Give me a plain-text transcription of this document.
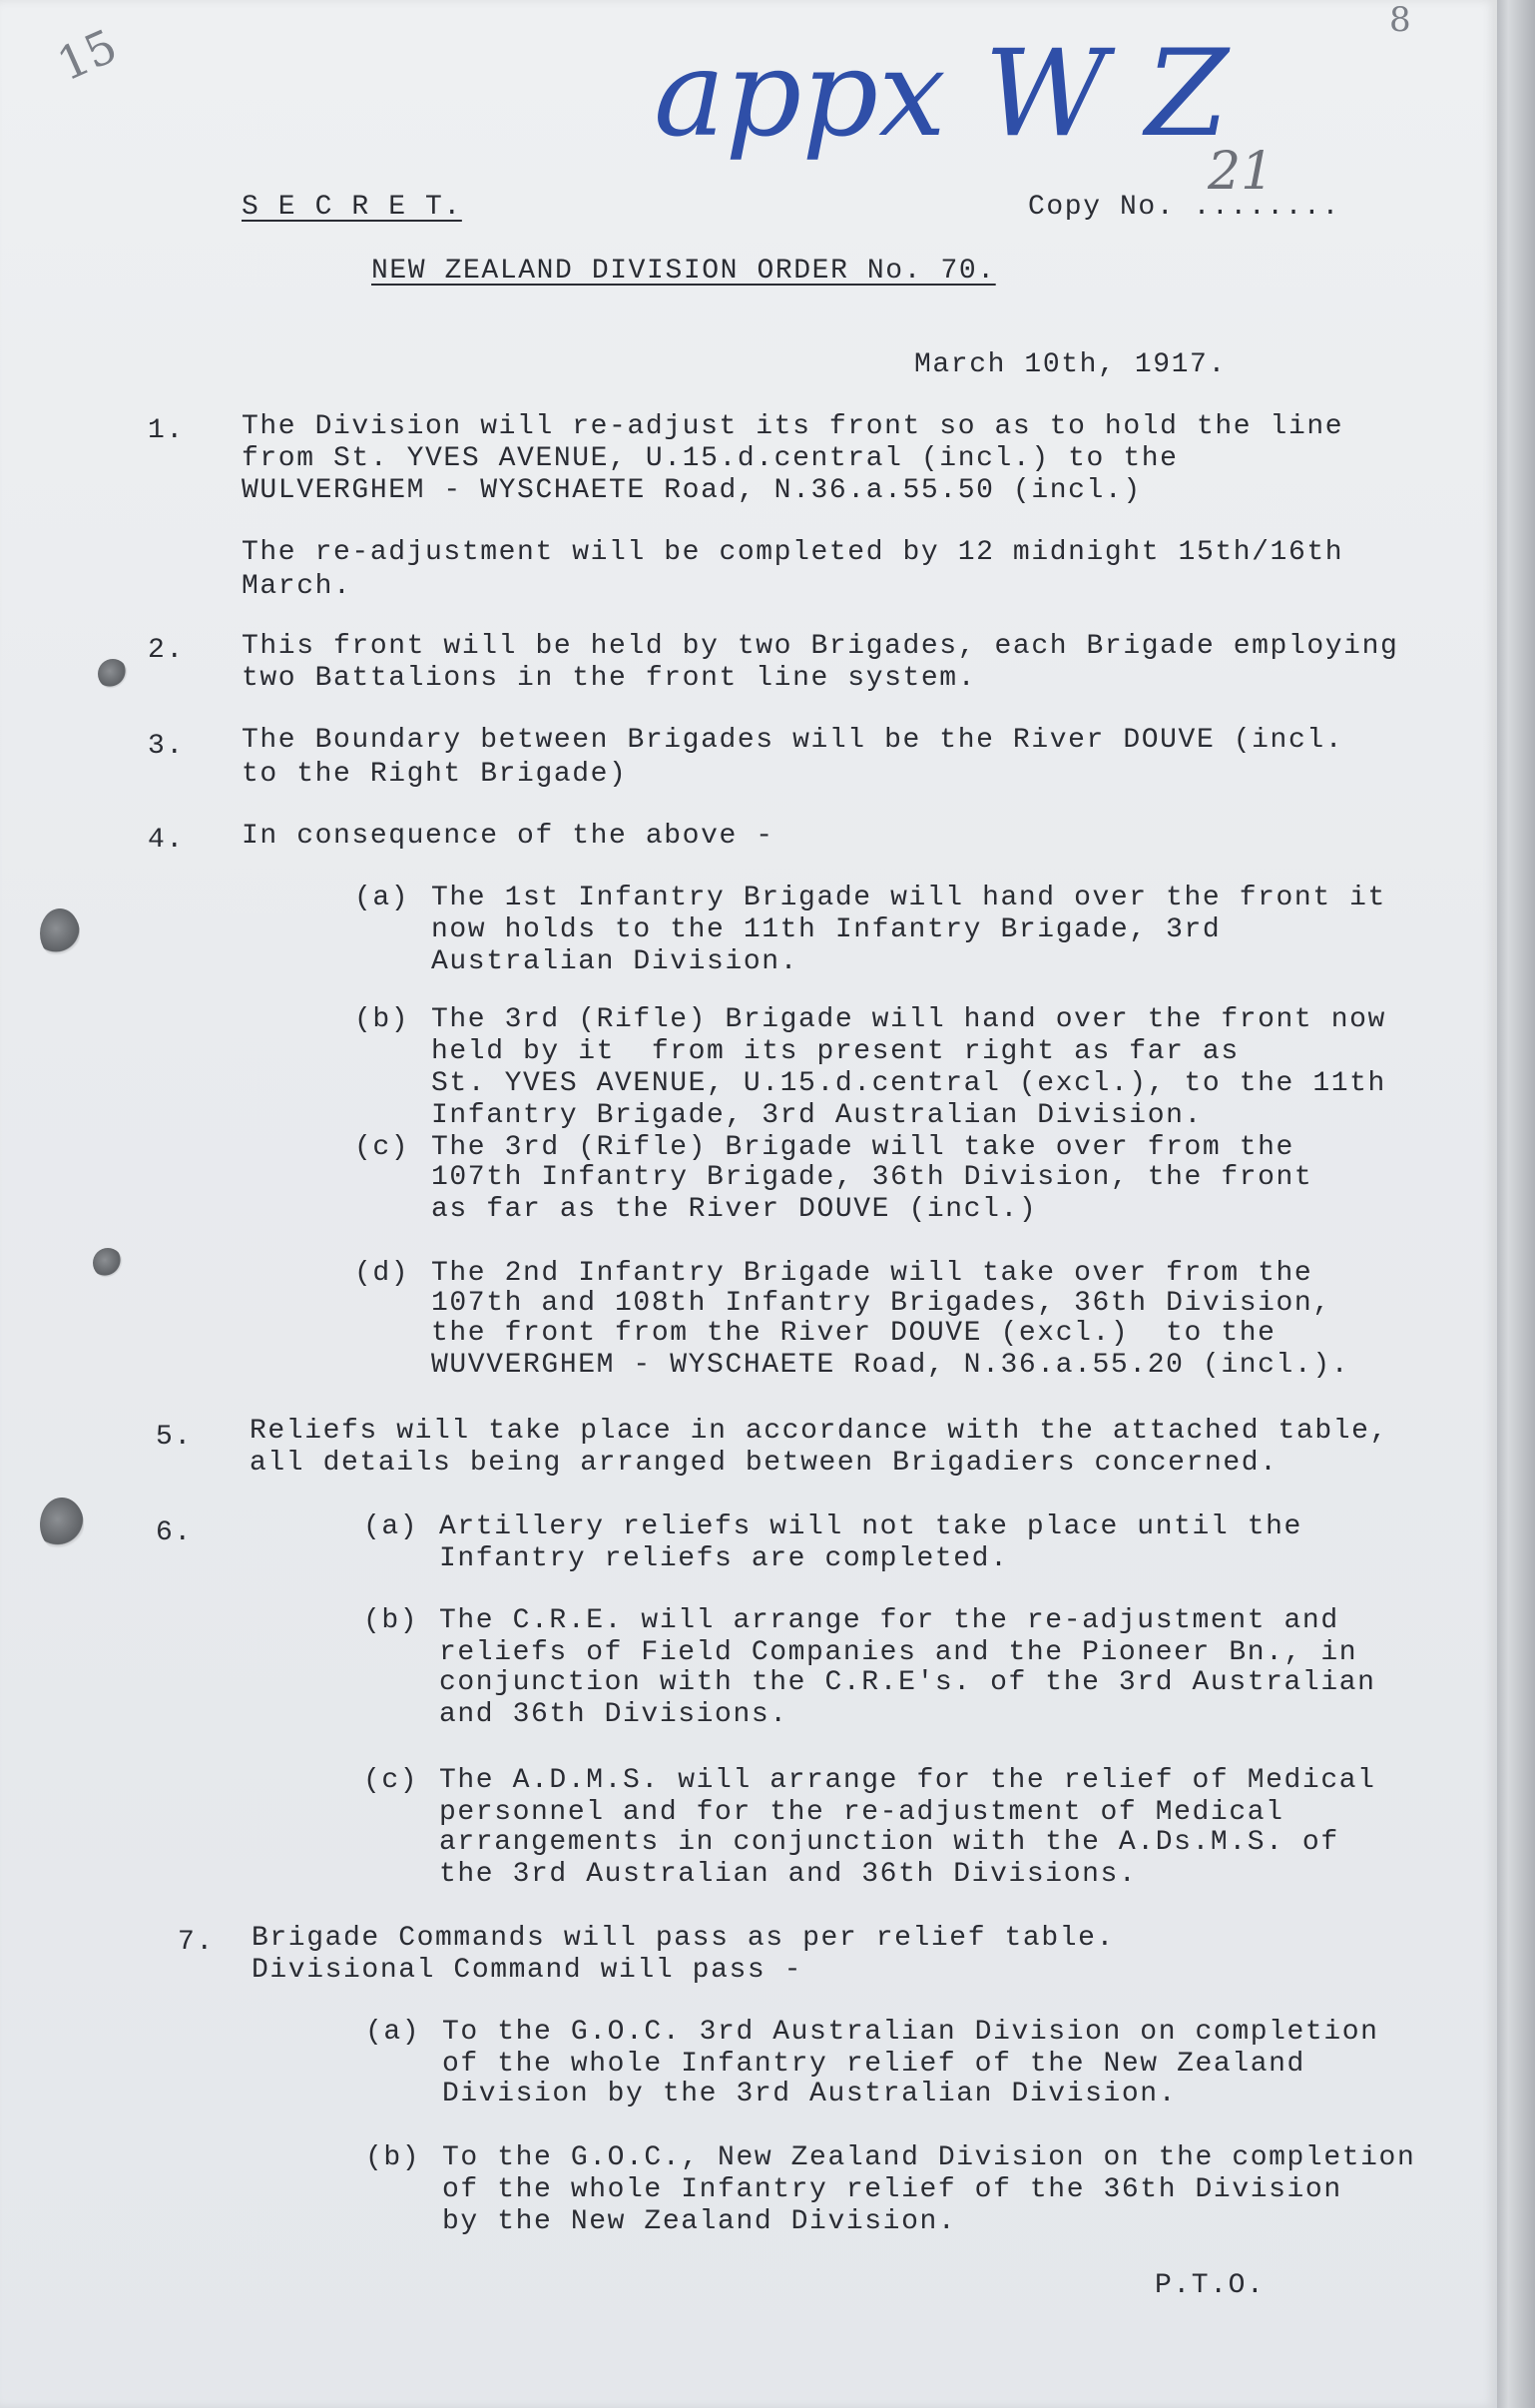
15	8
appx W Z
S E C R E T.	Copy No. ........
21
NEW ZEALAND DIVISION ORDER No. 70.
March 10th, 1917.
1. The Division will re-adjust its front so as to hold the line
from St. YVES AVENUE, U.15.d.central (incl.) to the
WULVERGHEM - WYSCHAETE Road, N.36.a.55.50 (incl.)
The re-adjustment will be completed by 12 midnight 15th/16th
March.
2. This front will be held by two Brigades, each Brigade employing
two Battalions in the front line system.
3. The Boundary between Brigades will be the River DOUVE (incl.
to the Right Brigade)
4. In consequence of the above -
(a) The 1st Infantry Brigade will hand over the front it
now holds to the 11th Infantry Brigade, 3rd
Australian Division.
(b) The 3rd (Rifle) Brigade will hand over the front now
held by it  from its present right as far as
St. YVES AVENUE, U.15.d.central (excl.), to the 11th
Infantry Brigade, 3rd Australian Division.
(c) The 3rd (Rifle) Brigade will take over from the
107th Infantry Brigade, 36th Division, the front
as far as the River DOUVE (incl.)
(d) The 2nd Infantry Brigade will take over from the
107th and 108th Infantry Brigades, 36th Division,
the front from the River DOUVE (excl.)  to the
WUVVERGHEM - WYSCHAETE Road, N.36.a.55.20 (incl.).
5. Reliefs will take place in accordance with the attached table,
all details being arranged between Brigadiers concerned.
6.	(a) Artillery reliefs will not take place until the
Infantry reliefs are completed.
(b) The C.R.E. will arrange for the re-adjustment and
reliefs of Field Companies and the Pioneer Bn., in
conjunction with the C.R.E's. of the 3rd Australian
and 36th Divisions.
(c) The A.D.M.S. will arrange for the relief of Medical
personnel and for the re-adjustment of Medical
arrangements in conjunction with the A.Ds.M.S. of
the 3rd Australian and 36th Divisions.
7. Brigade Commands will pass as per relief table.
Divisional Command will pass -
(a) To the G.O.C. 3rd Australian Division on completion
of the whole Infantry relief of the New Zealand
Division by the 3rd Australian Division.
(b) To the G.O.C., New Zealand Division on the completion
of the whole Infantry relief of the 36th Division
by the New Zealand Division.
P.T.O.
